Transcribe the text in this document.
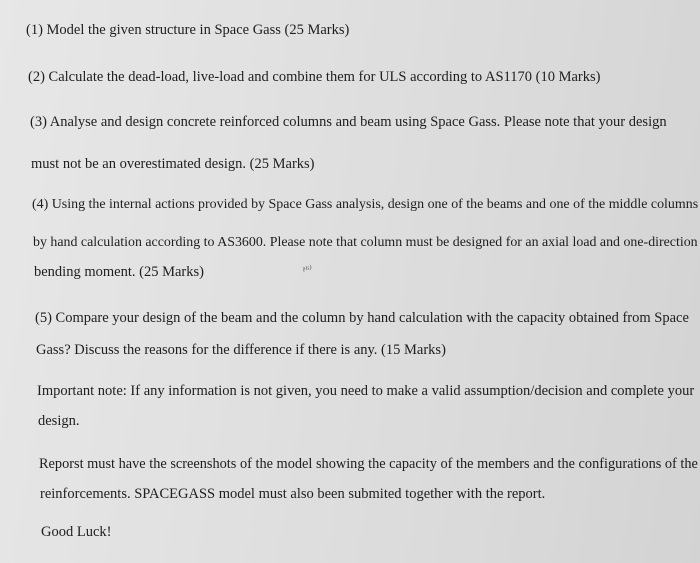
(1) Model the given structure in Space Gass (25 Marks)
(2) Calculate the dead-load, live-load and combine them for ULS according to AS1170 (10 Marks)
(3) Analyse and design concrete reinforced columns and beam using Space Gass. Please note that your design
must not be an overestimated design. (25 Marks)
(4) Using the internal actions provided by Space Gass analysis, design one of the beams and one of the middle columns
by hand calculation according to AS3600. Please note that column must be designed for an axial load and one-direction
bending moment. (25 Marks)	ᶳ⁶⁾
(5) Compare your design of the beam and the column by hand calculation with the capacity obtained from Space
Gass? Discuss the reasons for the difference if there is any. (15 Marks)
Important note: If any information is not given, you need to make a valid assumption/decision and complete your
design.
Reporst must have the screenshots of the model showing the capacity of the members and the configurations of the
reinforcements. SPACEGASS model must also been submited together with the report.
Good Luck!
